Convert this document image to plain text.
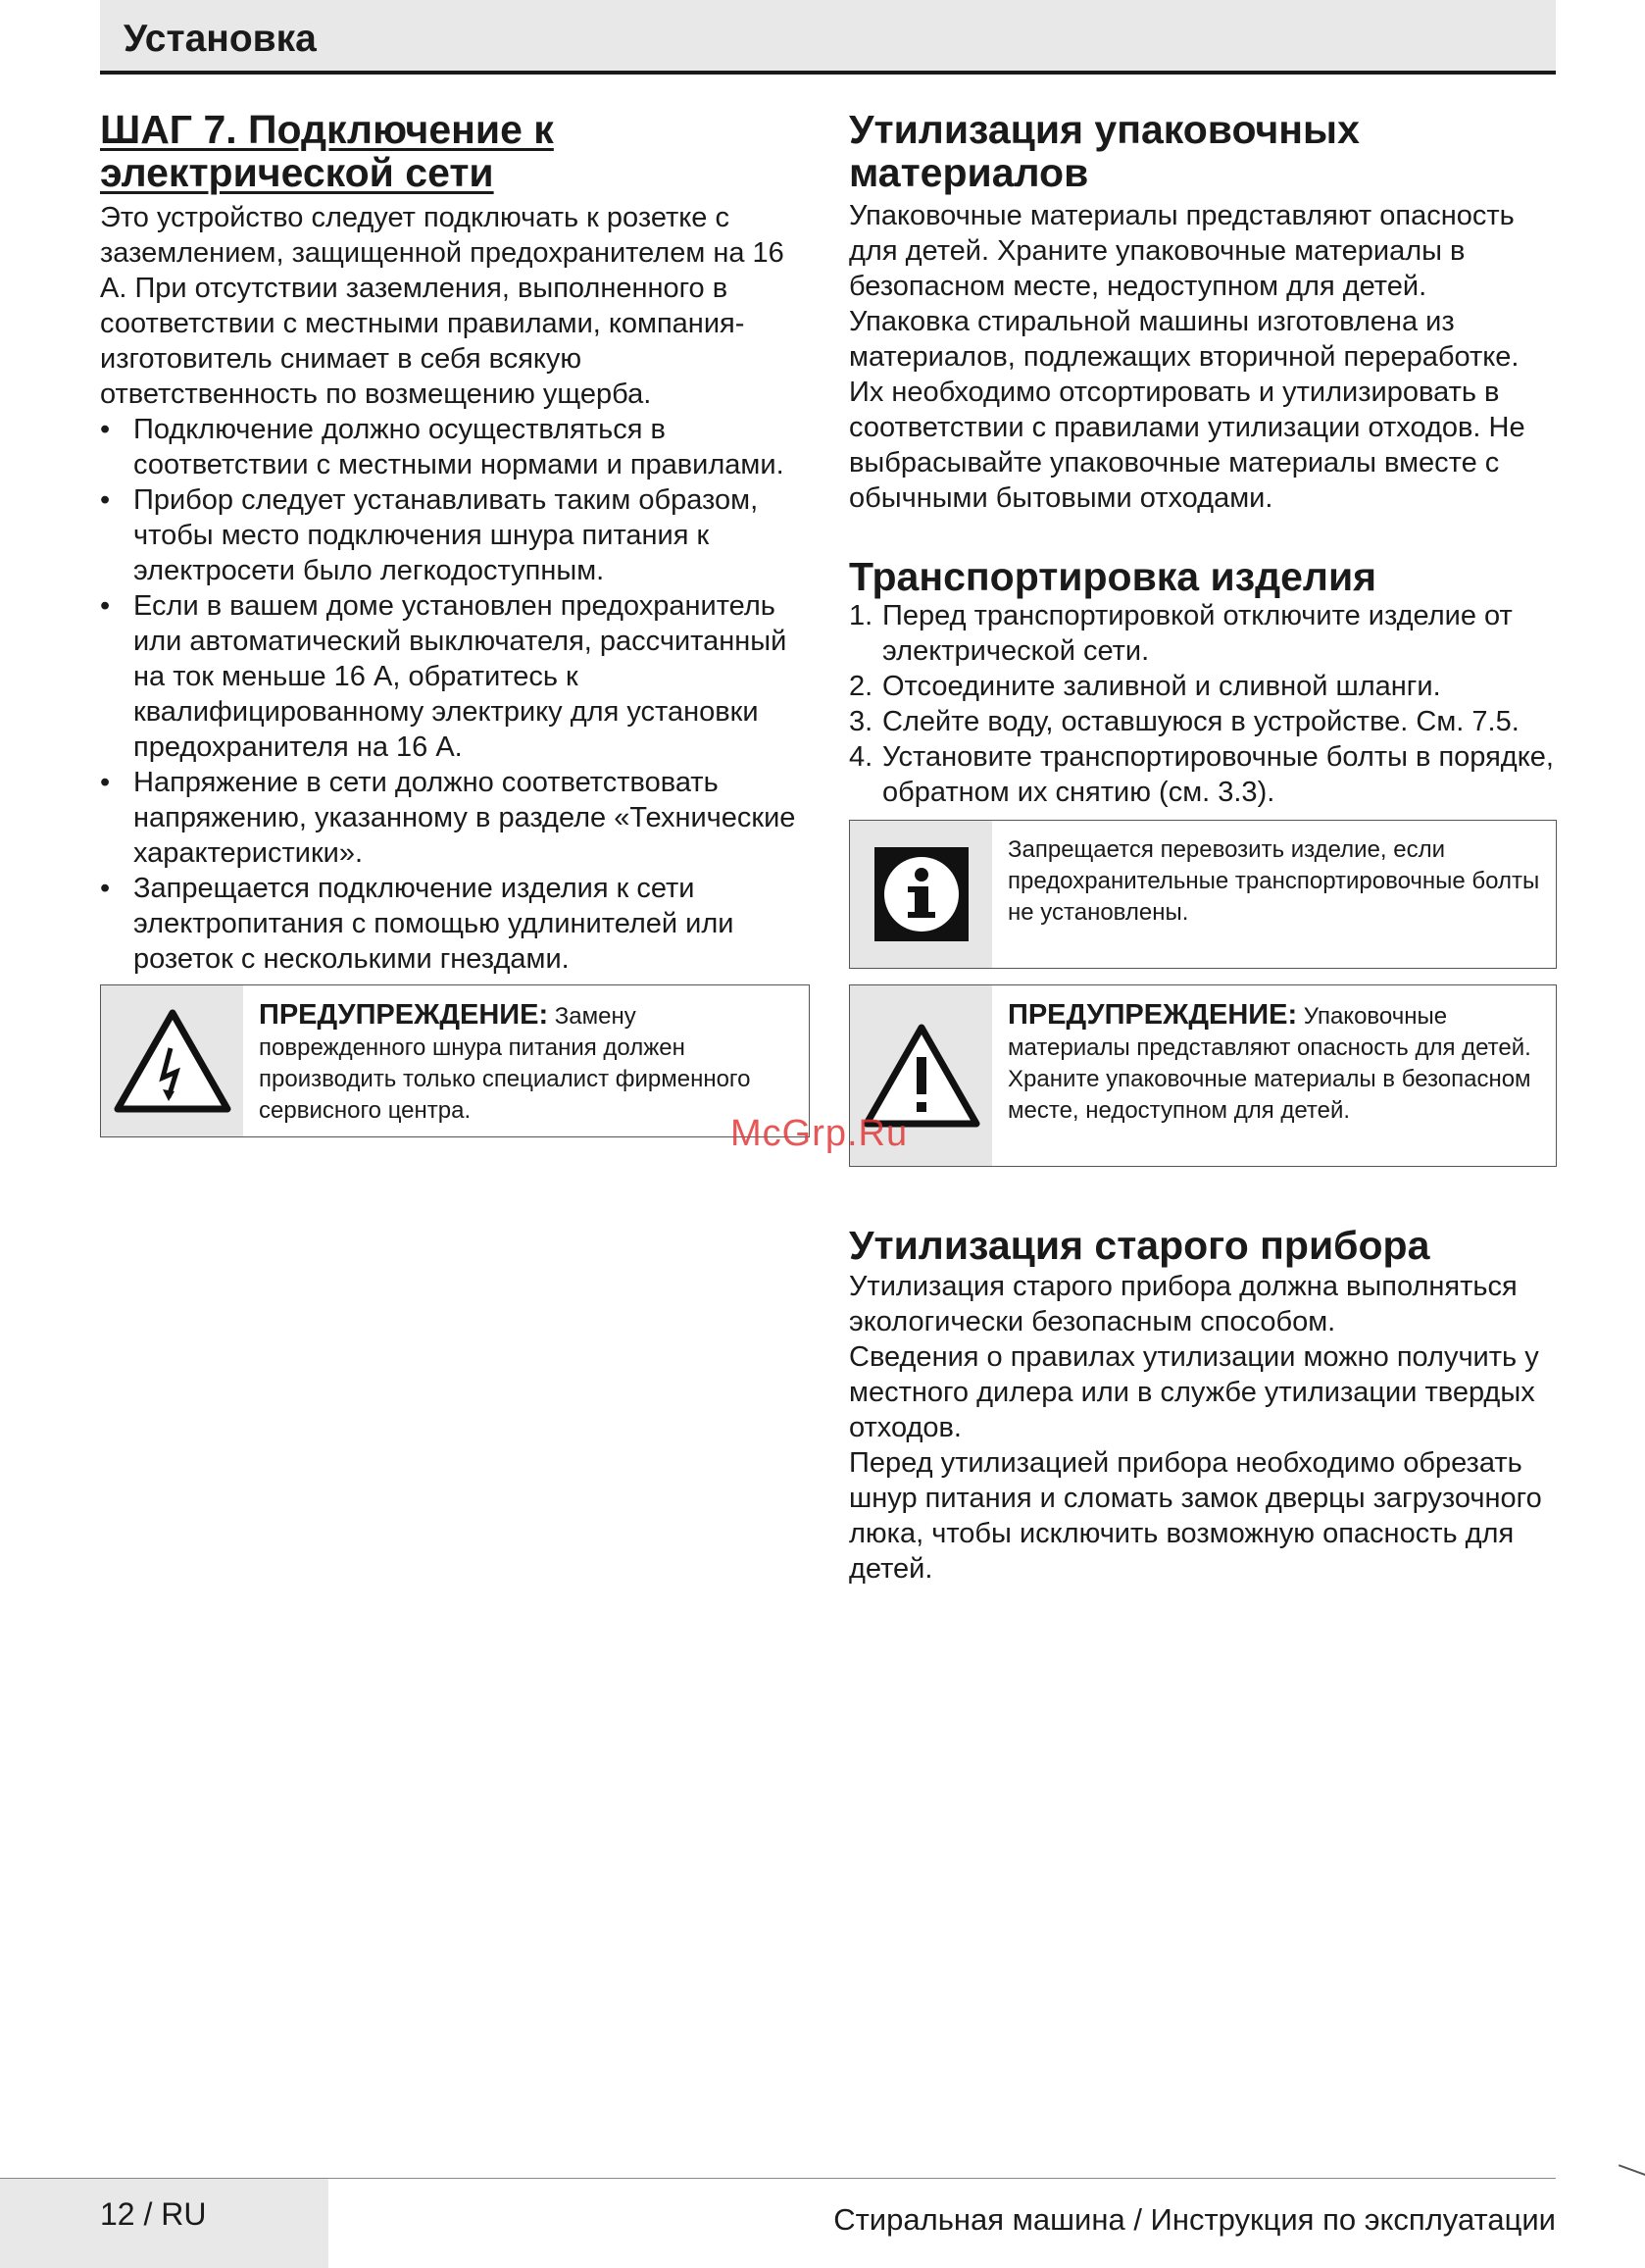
Установка
ШАГ 7. Подключение к электрической сети

Это устройство следует подключать к розетке с заземлением, защищенной предохранителем на 16 А. При отсутствии заземления, выполненного в соответствии с местными правилами, компания-изготовитель снимает в себя всякую ответственность по возмещению ущерба.

• Подключение должно осуществляться в соответствии с местными нормами и правилами.
• Прибор следует устанавливать таким образом, чтобы место подключения шнура питания к электросети было легкодоступным.
• Если в вашем доме установлен предохранитель или автоматический выключателя, рассчитанный на ток меньше 16 А, обратитесь к квалифицированному электрику для установки предохранителя на 16 А.
• Напряжение в сети должно соответствовать напряжению, указанному в разделе «Технические характеристики».
• Запрещается подключение изделия к сети электропитания с помощью удлинителей или розеток с несколькими гнездами.
ПРЕДУПРЕЖДЕНИЕ: Замену поврежденного шнура питания должен производить только специалист фирменного сервисного центра.
Утилизация упаковочных материалов

Упаковочные материалы представляют опасность для детей. Храните упаковочные материалы в безопасном месте, недоступном для детей.

Упаковка стиральной машины изготовлена из материалов, подлежащих вторичной переработке. Их необходимо отсортировать и утилизировать в соответствии с правилами утилизации отходов. Не выбрасывайте упаковочные материалы вместе с обычными бытовыми отходами.

Транспортировка изделия
1. Перед транспортировкой отключите изделие от электрической сети.
2. Отсоедините заливной и сливной шланги.
3. Слейте воду, оставшуюся в устройстве. См. 7.5.
4. Установите транспортировочные болты в порядке, обратном их снятию (см. 3.3).
Запрещается перевозить изделие, если предохранительные транспортировочные болты не установлены.
ПРЕДУПРЕЖДЕНИЕ: Упаковочные материалы представляют опасность для детей. Храните упаковочные материалы в безопасном месте, недоступном для детей.
Утилизация старого прибора

Утилизация старого прибора должна выполняться экологически безопасным способом.

Сведения о правилах утилизации можно получить у местного дилера или в службе утилизации твердых отходов.

Перед утилизацией прибора необходимо обрезать шнур питания и сломать замок дверцы загрузочного люка, чтобы исключить возможную опасность для детей.

McGrp.Ru
12 / RU	Стиральная машина / Инструкция по эксплуатации
